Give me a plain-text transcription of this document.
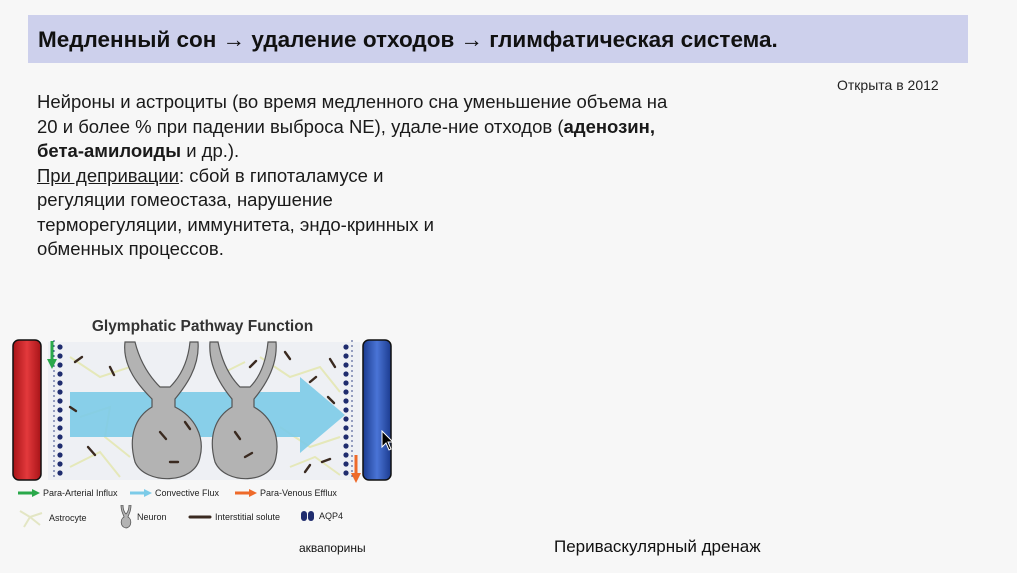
Медленный сон → удаление отходов → глимфатическая система.
Открыта в 2012

Нейроны и астроциты (во время медленного сна уменьшение объема на 20 и более % при падении выброса NE), удале-ние отходов (аденозин, бета-амилоиды и др.).

При депривации: сбой в гипоталамусе и регуляции гомеостаза, нарушение терморегуляции, иммунитета, эндо-кринных и обменных процессов.

Glymphatic Pathway Function
Para-Arterial Influx	Convective Flux	Para-Venous Efflux
Astrocyte	Neuron	Interstitial solute	AQP4
аквапорины	Периваскулярный дренаж
